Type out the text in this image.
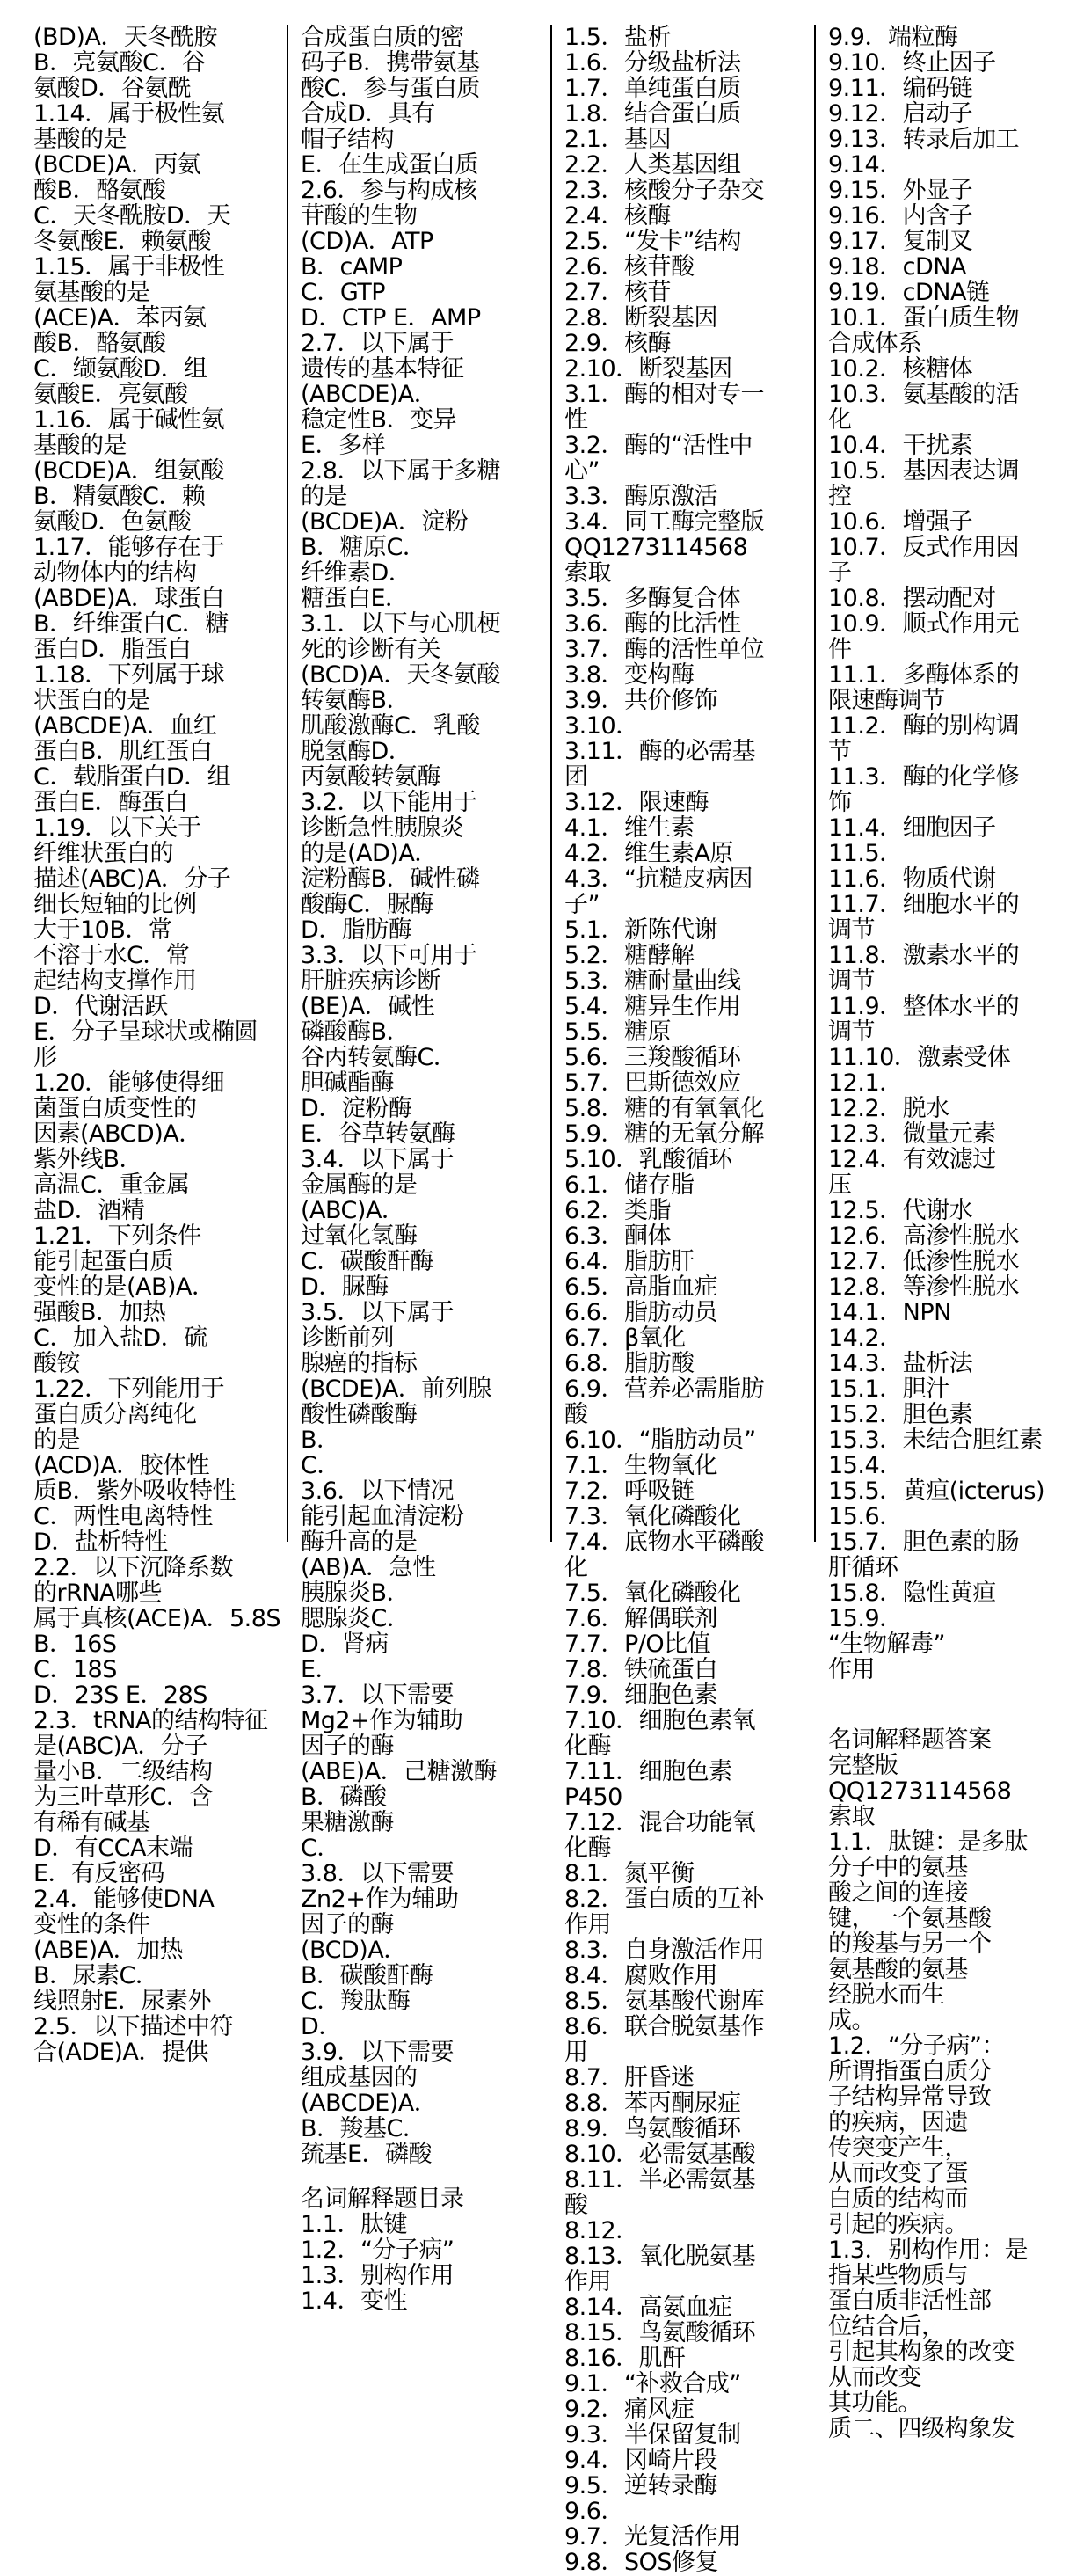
(BD)A．天冬酰胺
B．亮氨酸C．谷
氨酸D．谷氨酰
1.14．属于极性氨
基酸的是
(BCDE)A．丙氨
酸B．酪氨酸
C．天冬酰胺D．天
冬氨酸E．赖氨酸
1.15．属于非极性
氨基酸的是
(ACE)A．苯丙氨
酸B．酪氨酸
C．缬氨酸D．组
氨酸E．亮氨酸
1.16．属于碱性氨
基酸的是
(BCDE)A．组氨酸
B．精氨酸C．赖
氨酸D．色氨酸
1.17．能够存在于
动物体内的结构
(ABDE)A．球蛋白
B．纤维蛋白C．糖
蛋白D．脂蛋白
1.18．下列属于球
状蛋白的是
(ABCDE)A．血红
蛋白B．肌红蛋白
C．载脂蛋白D．组
蛋白E．酶蛋白
1.19．以下关于
纤维状蛋白的
描述(ABC)A．分子
细长短轴的比例
大于10B．常
不溶于水C．常
起结构支撑作用
D．代谢活跃
E．分子呈球状或椭圆
形
1.20．能够使得细
菌蛋白质变性的
因素(ABCD)A．
紫外线B．
高温C．重金属
盐D．酒精
1.21．下列条件
能引起蛋白质
变性的是(AB)A．
强酸B．加热
C．加入盐D．硫
酸铵
1.22．下列能用于
蛋白质分离纯化
的是
(ACD)A．胶体性
质B．紫外吸收特性
C．两性电离特性
D．盐析特性
2.2．以下沉降系数
的rRNA哪些
属于真核(ACE)A．5.8S
B．16S
C．18S
D．23S E．28S
2.3．tRNA的结构特征
是(ABC)A．分子
量小B．二级结构
为三叶草形C．含
有稀有碱基
D．有CCA末端
E．有反密码
2.4．能够使DNA
变性的条件
(ABE)A．加热
B．尿素C．
线照射E．尿素外
2.5．以下描述中符
合(ADE)A．提供
合成蛋白质的密
码子B．携带氨基
酸C．参与蛋白质
合成D．具有
帽子结构
E．在生成蛋白质
2.6．参与构成核
苷酸的生物
(CD)A．ATP
B．cAMP
C．GTP
D．CTP E．AMP
2.7．以下属于
遗传的基本特征
(ABCDE)A．
稳定性B．变异
E．多样
2.8．以下属于多糖
的是
(BCDE)A．淀粉
B．糖原C．
纤维素D．
糖蛋白E．
3.1．以下与心肌梗
死的诊断有关
(BCD)A．天冬氨酸
转氨酶B．
肌酸激酶C．乳酸
脱氢酶D．
丙氨酸转氨酶
3.2．以下能用于
诊断急性胰腺炎
的是(AD)A．
淀粉酶B．碱性磷
酸酶C．脲酶
D．脂肪酶
3.3．以下可用于
肝脏疾病诊断
(BE)A．碱性
磷酸酶B．
谷丙转氨酶C．
胆碱酯酶
D．淀粉酶
E．谷草转氨酶
3.4．以下属于
金属酶的是
(ABC)A．
过氧化氢酶
C．碳酸酐酶
D．脲酶
3.5．以下属于
诊断前列
腺癌的指标
(BCDE)A．前列腺
酸性磷酸酶
B．
C．
3.6．以下情况
能引起血清淀粉
酶升高的是
(AB)A．急性
胰腺炎B．
腮腺炎C．
D．肾病
E．
3.7．以下需要
Mg2+作为辅助
因子的酶
(ABE)A．己糖激酶
B．磷酸
果糖激酶
C．
3.8．以下需要
Zn2+作为辅助
因子的酶
(BCD)A．
B．碳酸酐酶
C．羧肽酶
D．
3.9．以下需要
组成基因的
(ABCDE)A．
B．羧基C．
巯基E．磷酸
名词解释题目录
1.1．肽键
1.2．“分子病”
1.3．别构作用
1.4．变性
1.5．盐析
1.6．分级盐析法
1.7．单纯蛋白质
1.8．结合蛋白质
2.1．基因
2.2．人类基因组
2.3．核酸分子杂交
2.4．核酶
2.5．“发卡”结构
2.6．核苷酸
2.7．核苷
2.8．断裂基因
2.9．核酶
2.10．断裂基因
3.1．酶的相对专一
性
3.2．酶的“活性中
心”
3.3．酶原激活
3.4．同工酶完整版
QQ1273114568
索取
3.5．多酶复合体
3.6．酶的比活性
3.7．酶的活性单位
3.8．变构酶
3.9．共价修饰
3.10．
3.11．酶的必需基
团
3.12．限速酶
4.1．维生素
4.2．维生素A原
4.3．“抗糙皮病因
子”
5.1．新陈代谢
5.2．糖酵解
5.3．糖耐量曲线
5.4．糖异生作用
5.5．糖原
5.6．三羧酸循环
5.7．巴斯德效应
5.8．糖的有氧氧化
5.9．糖的无氧分解
5.10．乳酸循环
6.1．储存脂
6.2．类脂
6.3．酮体
6.4．脂肪肝
6.5．高脂血症
6.6．脂肪动员
6.7．β氧化
6.8．脂肪酸
6.9．营养必需脂肪
酸
6.10．“脂肪动员”
7.1．生物氧化
7.2．呼吸链
7.3．氧化磷酸化
7.4．底物水平磷酸
化
7.5．氧化磷酸化
7.6．解偶联剂
7.7．P/O比值
7.8．铁硫蛋白
7.9．细胞色素
7.10．细胞色素氧
化酶
7.11．细胞色素
P450
7.12．混合功能氧
化酶
8.1．氮平衡
8.2．蛋白质的互补
作用
8.3．自身激活作用
8.4．腐败作用
8.5．氨基酸代谢库
8.6．联合脱氨基作
用
8.7．肝昏迷
8.8．苯丙酮尿症
8.9．鸟氨酸循环
8.10．必需氨基酸
8.11．半必需氨基
酸
8.12．
8.13．氧化脱氨基
作用
8.14．高氨血症
8.15．鸟氨酸循环
8.16．肌酐
9.1．“补救合成”
9.2．痛风症
9.3．半保留复制
9.4．冈崎片段
9.5．逆转录酶
9.6．
9.7．光复活作用
9.8．SOS修复
9.9．端粒酶
9.10．终止因子
9.11．编码链
9.12．启动子
9.13．转录后加工
9.14．
9.15．外显子
9.16．内含子
9.17．复制叉
9.18．cDNA
9.19．cDNA链
10.1．蛋白质生物
合成体系
10.2．核糖体
10.3．氨基酸的活
化
10.4．干扰素
10.5．基因表达调
控
10.6．增强子
10.7．反式作用因
子
10.8．摆动配对
10.9．顺式作用元
件
11.1．多酶体系的
限速酶调节
11.2．酶的别构调
节
11.3．酶的化学修
饰
11.4．细胞因子
11.5．
11.6．物质代谢
11.7．细胞水平的
调节
11.8．激素水平的
调节
11.9．整体水平的
调节
11.10．激素受体
12.1．
12.2．脱水
12.3．微量元素
12.4．有效滤过
压
12.5．代谢水
12.6．高渗性脱水
12.7．低渗性脱水
12.8．等渗性脱水
14.1．NPN
14.2．
14.3．盐析法
15.1．胆汁
15.2．胆色素
15.3．未结合胆红素
15.4．
15.5．黄疸(icterus)
15.6．
15.7．胆色素的肠
肝循环
15.8．隐性黄疸
15.9．
“生物解毒”
作用

名词解释题答案
完整版
QQ1273114568
索取
1.1．肽键：是多肽
分子中的氨基
酸之间的连接
键，一个氨基酸
的羧基与另一个
氨基酸的氨基
经脱水而生
成。
1.2．“分子病”：
所谓指蛋白质分
子结构异常导致
的疾病，因遗
传突变产生，
从而改变了蛋
白质的结构而
引起的疾病。
1.3．别构作用：是
指某些物质与
蛋白质非活性部
位结合后，
引起其构象的改变
从而改变
其功能。
质二、四级构象发
